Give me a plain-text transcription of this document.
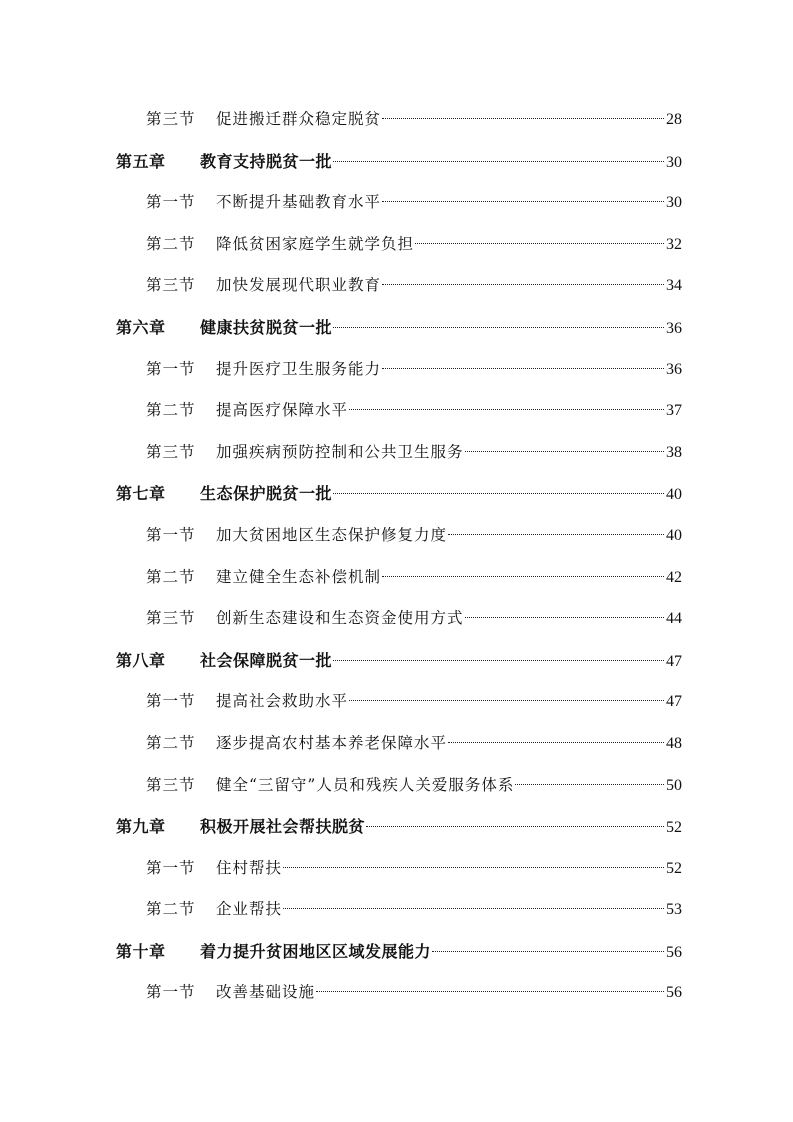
第三节	促进搬迁群众稳定脱贫	28
第五章	教育支持脱贫一批	30
第一节	不断提升基础教育水平	30
第二节	降低贫困家庭学生就学负担	32
第三节	加快发展现代职业教育	34
第六章	健康扶贫脱贫一批	36
第一节	提升医疗卫生服务能力	36
第二节	提高医疗保障水平	37
第三节	加强疾病预防控制和公共卫生服务	38
第七章	生态保护脱贫一批	40
第一节	加大贫困地区生态保护修复力度	40
第二节	建立健全生态补偿机制	42
第三节	创新生态建设和生态资金使用方式	44
第八章	社会保障脱贫一批	47
第一节	提高社会救助水平	47
第二节	逐步提高农村基本养老保障水平	48
第三节	健全“三留守”人员和残疾人关爱服务体系	50
第九章	积极开展社会帮扶脱贫	52
第一节	住村帮扶	52
第二节	企业帮扶	53
第十章	着力提升贫困地区区域发展能力	56
第一节	改善基础设施	56
